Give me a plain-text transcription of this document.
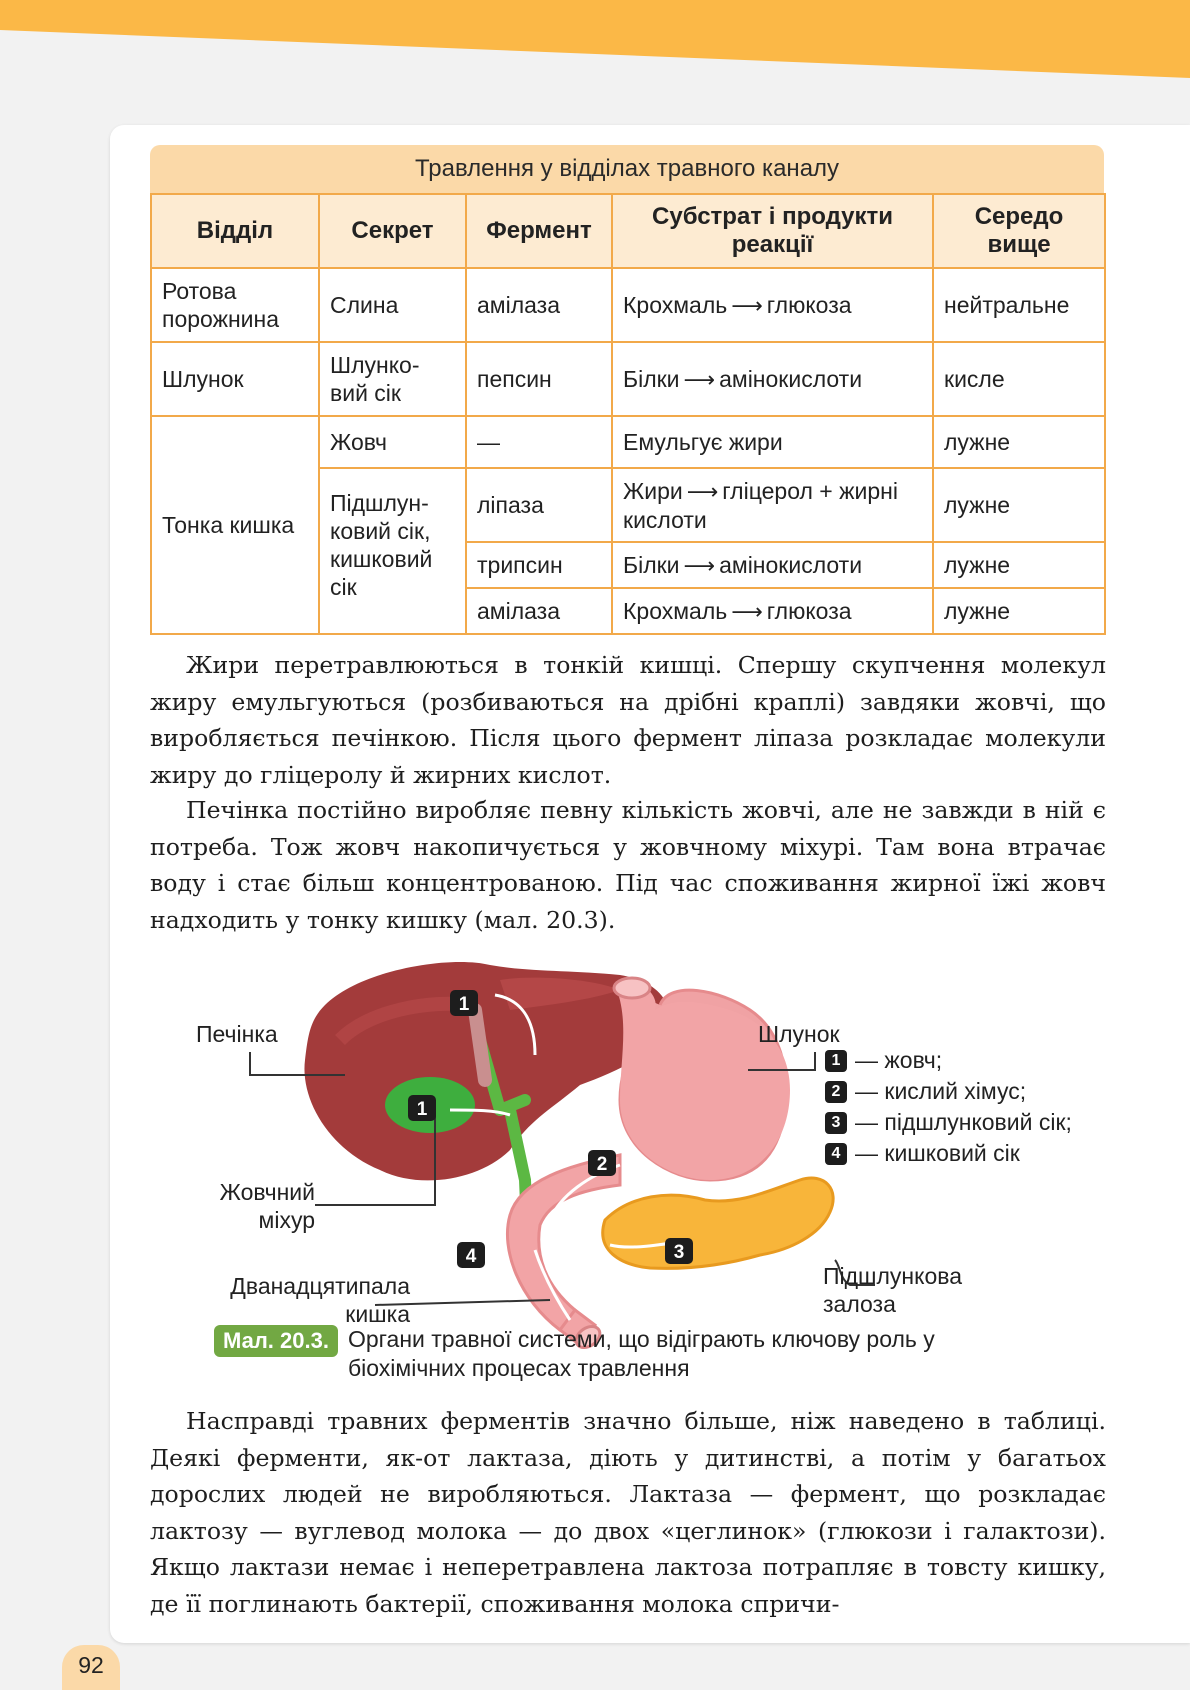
Травлення у відділах травного каналу
Відділ	Секрет	Фермент	Субстрат і продукти реакції	Середо вище
Ротова порожнина	Слина	амілаза	Крохмаль ⟶ глюкоза	нейтральне
Шлунок	Шлунко-вий сік	пепсин	Білки ⟶ амінокислоти	кисле
Тонка кишка	Жовч	—	Емульгує жири	лужне
	Підшлун-ковий сік, кишковий сік	ліпаза	Жири ⟶ гліцерол + жирні кислоти	лужне
		трипсин	Білки ⟶ амінокислоти	лужне
		амілаза	Крохмаль ⟶ глюкоза	лужне

Жири перетравлюються в тонкій кишці. Спершу скупчення молекул жиру емульгуються (розбиваються на дрібні краплі) завдяки жовчі, що виробляється печінкою. Після цього фермент ліпаза розкладає молекули жиру до гліцеролу й жирних кислот.

Печінка постійно виробляє певну кількість жовчі, але не завжди в ній є потреба. Тож жовч накопичується у жовчному міхурі. Там вона втрачає воду і стає більш концентрованою. Під час споживання жирної їжі жовч надходить у тонку кишку (мал. 20.3).

1
1
2
3
4
Печінка	Шлунок
Жовчний
міхур
Дванадцятипала
кишка
Підшлункова
залоза
1 — жовч;
2 — кислий хімус;
3 — підшлунковий сік;
4 — кишковий сік
Мал. 20.3. Органи травної системи, що відіграють ключову роль у біохімічних процесах травлення

Насправді травних ферментів значно більше, ніж наведено в таблиці. Деякі ферменти, як-от лактаза, діють у дитинстві, а потім у багатьох дорослих людей не виробляються. Лактаза — фермент, що розкладає лактозу — вуглевод молока — до двох «цеглинок» (глюкози і галактози). Якщо лактази немає і неперетравлена лактоза потрапляє в товсту кишку, де її поглинають бактерії, споживання молока спричи-

92
